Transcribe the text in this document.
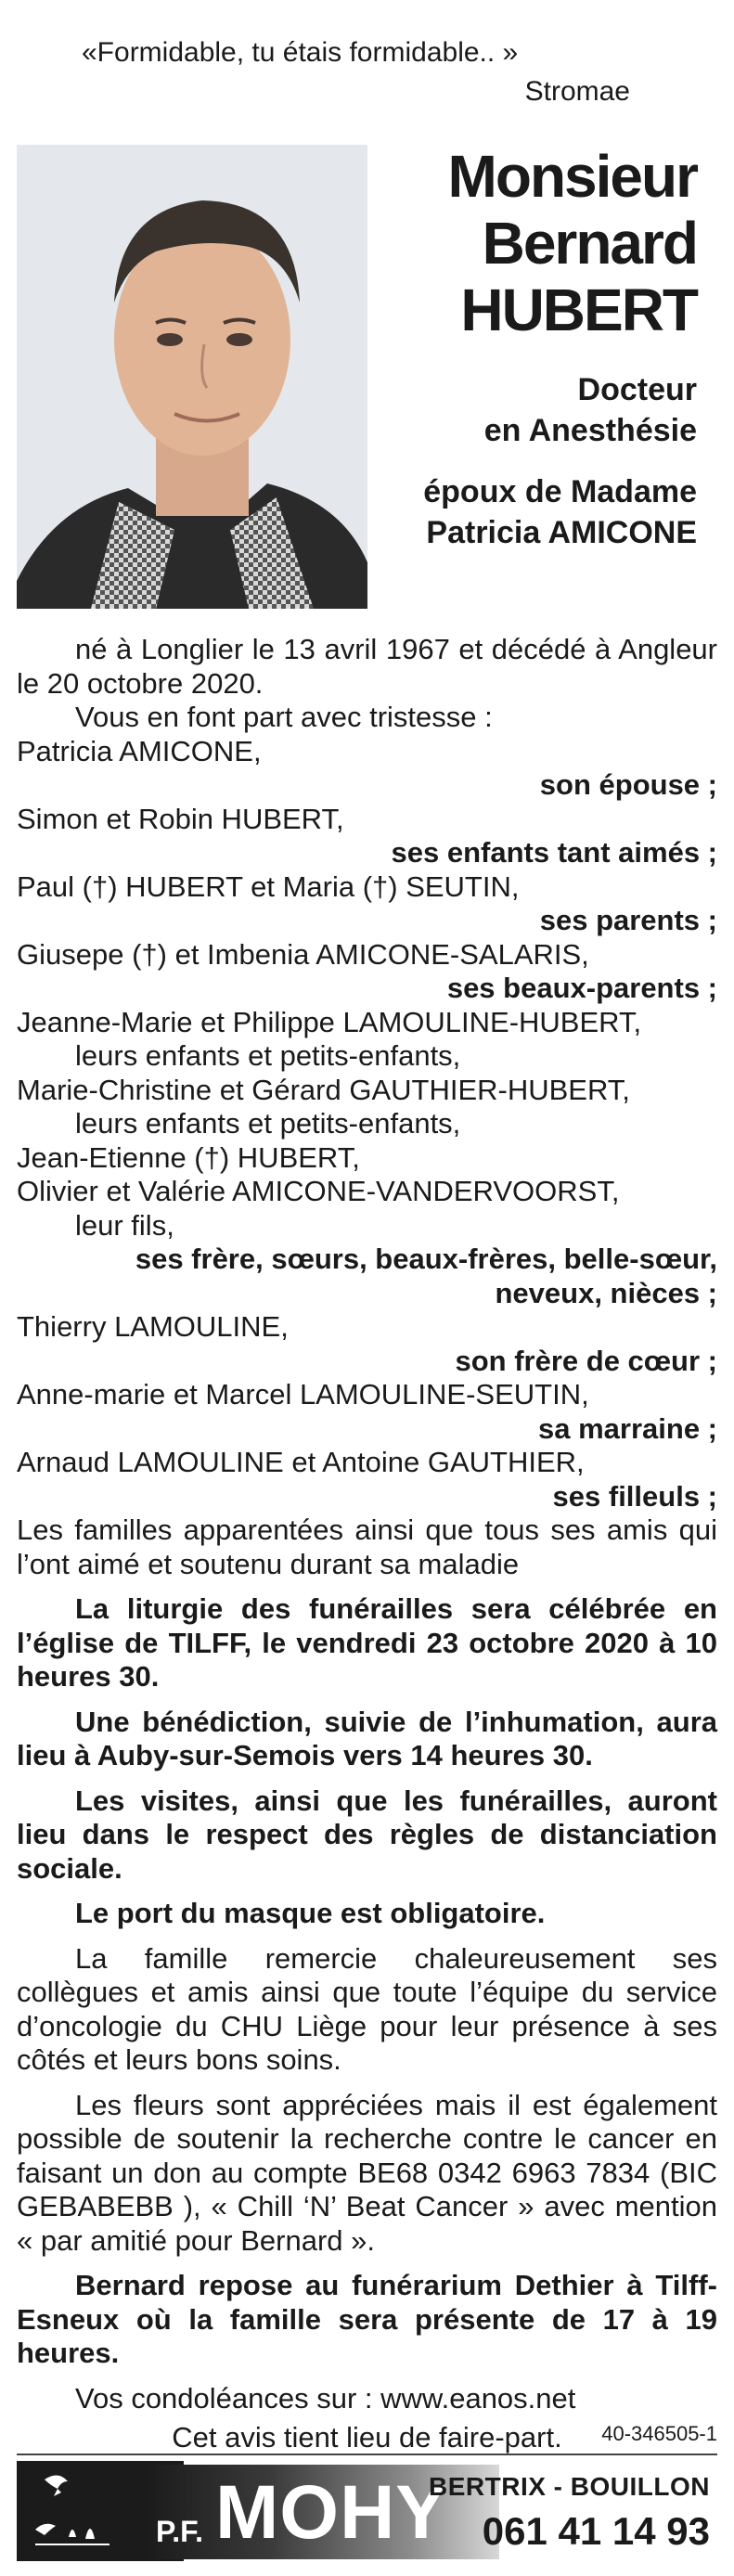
«Formidable, tu étais formidable.. »
Stromae
Monsieur
Bernard
HUBERT
Docteur
en Anesthésie
époux de Madame
Patricia AMICONE
né à Longlier le 13 avril 1967 et décédé à Angleur le 20 octobre 2020.
Vous en font part avec tristesse :
Patricia AMICONE,
son épouse ;
Simon et Robin HUBERT,
ses enfants tant aimés ;
Paul (†) HUBERT et Maria (†) SEUTIN,
ses parents ;
Giusepe (†) et Imbenia AMICONE-SALARIS,
ses beaux-parents ;
Jeanne-Marie et Philippe LAMOULINE-HUBERT,
leurs enfants et petits-enfants,
Marie-Christine et Gérard GAUTHIER-HUBERT,
leurs enfants et petits-enfants,
Jean-Etienne (†) HUBERT,
Olivier et Valérie AMICONE-VANDERVOORST,
leur fils,
ses frère, sœurs, beaux-frères, belle-sœur,
neveux, nièces ;
Thierry LAMOULINE,
son frère de cœur ;
Anne-marie et Marcel LAMOULINE-SEUTIN,
sa marraine ;
Arnaud LAMOULINE et Antoine GAUTHIER,
ses filleuls ;
Les familles apparentées ainsi que tous ses amis qui l’ont aimé et soutenu durant sa maladie
La liturgie des funérailles sera célébrée en l’église de TILFF, le vendredi 23 octobre 2020 à 10 heures 30.
Une bénédiction, suivie de l’inhumation, aura lieu à Auby-sur-Semois vers 14 heures 30.
Les visites, ainsi que les funérailles, auront lieu dans le respect des règles de distanciation sociale.
Le port du masque est obligatoire.
La famille remercie chaleureusement ses collègues et amis ainsi que toute l’équipe du service d’oncologie du CHU Liège pour leur présence à ses côtés et leurs bons soins.
Les fleurs sont appréciées mais il est également possible de soutenir la recherche contre le cancer en faisant un don au compte BE68 0342 6963 7834 (BIC GEBABEBB ), « Chill ‘N’ Beat Cancer » avec mention « par amitié pour Bernard ».
Bernard repose au funérarium Dethier à Tilff-Esneux où la famille sera présente de 17 à 19 heures.
Vos condoléances sur : www.eanos.net
Cet avis tient lieu de faire-part.	40-346505-1
P.F. MOHY
BERTRIX - BOUILLON
061 41 14 93
